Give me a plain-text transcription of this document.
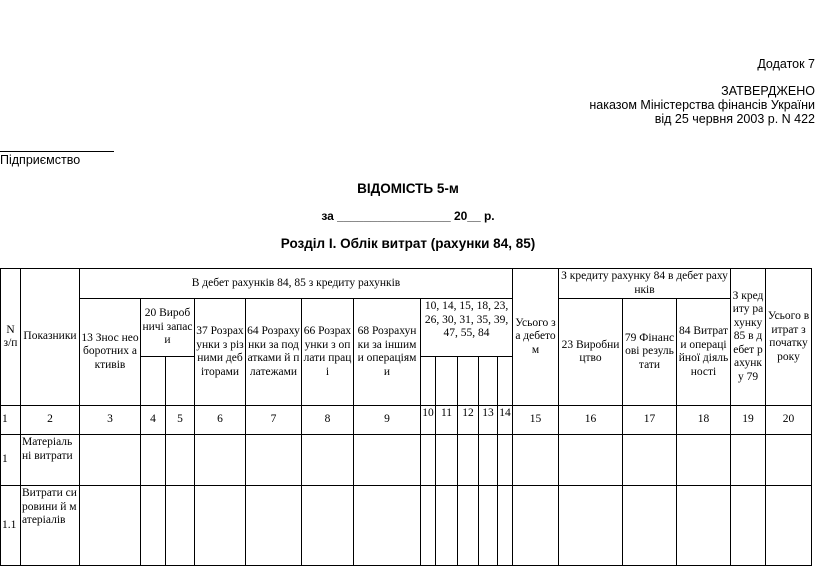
Додаток 7
ЗАТВЕРДЖЕНО
наказом Міністерства фінансів України
від 25 червня 2003 р. N 422
Підприємство
ВІДОМІСТЬ 5-м
за _________________ 20__ р.
Розділ І. Облік витрат (рахунки 84, 85)
N з/п	Показники	В дебет рахунків 84, 85 з кредиту рахунків												Усього за дебетом	З кредиту рахунку 84 в дебет рахунків			З кредиту рахунку 85 в дебет рахунку 79	Усього витрат з початку року
		13 Знос необоротних активів	20 Виробничі запаси		37 Розрахунки з різними дебіторами	64 Розрахунки за податками й платежами	66 Розрахунки з оплати праці	68 Розрахунки за іншими операціями	10, 14, 15, 18, 23, 26, 30, 31, 35, 39, 47, 55, 84						23 Виробництво	79 Фінансові результати	84 Витрати операційної діяльності		

1	2	3	4	5	6	7	8	9	10	11	12	13	14	15	16	17	18	19	20
1	Матеріальні витрати																		
1.1	Витрати сировини й матеріалів																		
